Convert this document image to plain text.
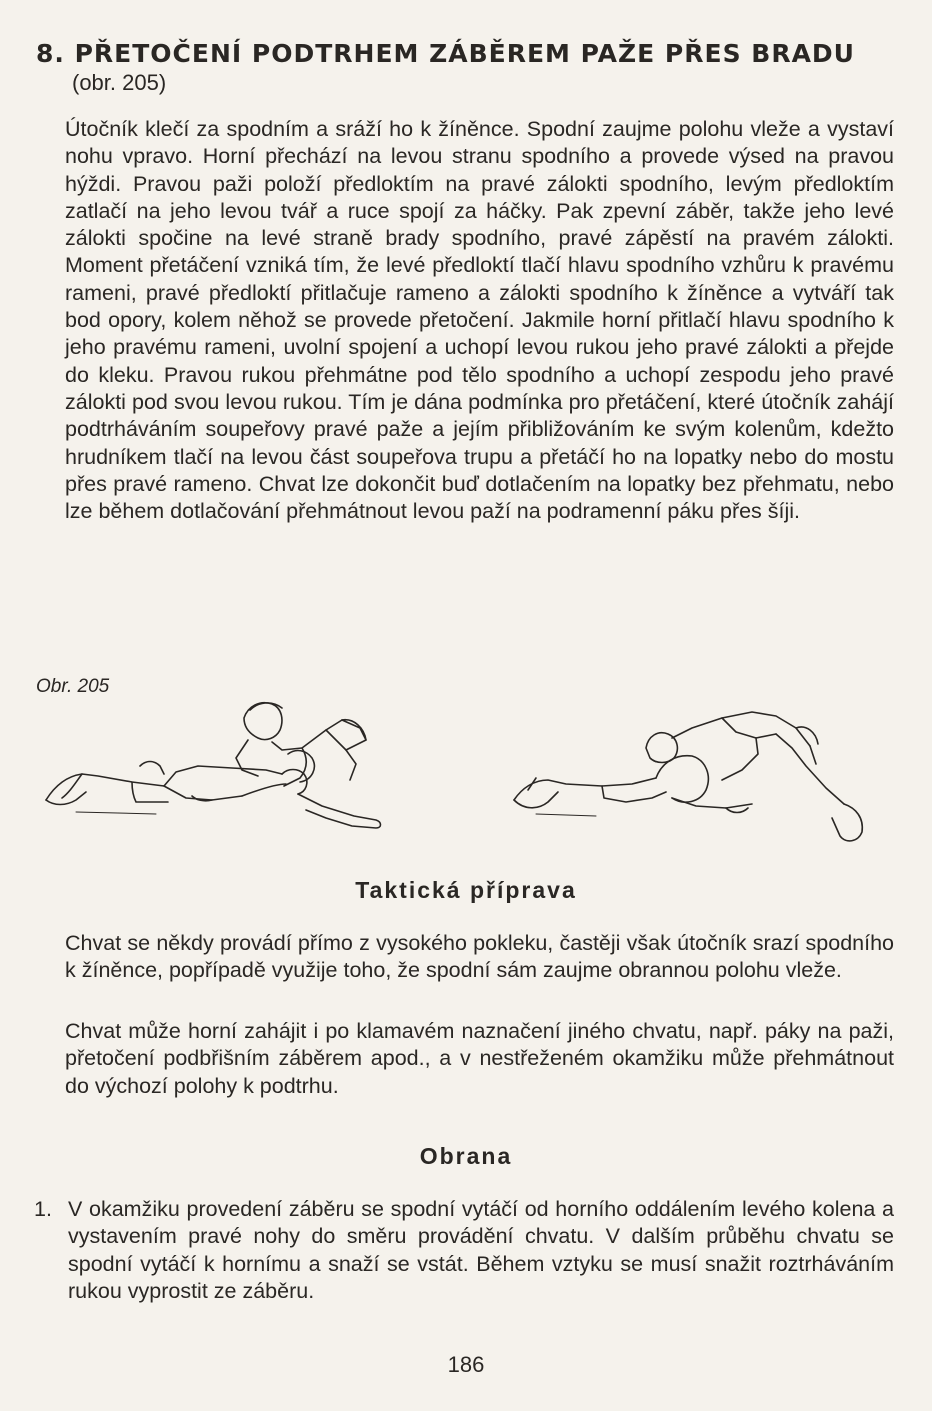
8. PŘETOČENÍ PODTRHEM ZÁBĚREM PAŽE PŘES BRADU
(obr. 205)
Útočník klečí za spodním a sráží ho k žíněnce. Spodní zaujme polohu vleže a vystaví nohu vpravo. Horní přechází na levou stranu spodního a provede výsed na pravou hýždi. Pravou paži položí předloktím na pravé zálokti spodního, levým předloktím zatlačí na jeho levou tvář a ruce spojí za háčky. Pak zpevní záběr, takže jeho levé zálokti spočine na levé straně brady spodního, pravé zápěstí na pravém zálokti. Moment přetáčení vzniká tím, že levé předloktí tlačí hlavu spodního vzhůru k pravému rameni, pravé předloktí přitlačuje rameno a zálokti spodního k žíněnce a vytváří tak bod opory, kolem něhož se provede přetočení. Jakmile horní přitlačí hlavu spodního k jeho pravému rameni, uvolní spojení a uchopí levou rukou jeho pravé zálokti a přejde do kleku. Pravou rukou přehmátne pod tělo spodního a uchopí zespodu jeho pravé zálokti pod svou levou rukou. Tím je dána podmínka pro přetáčení, které útočník zahájí podtrháváním soupeřovy pravé paže a jejím přibližováním ke svým kolenům, kdežto hrudníkem tlačí na levou část soupeřova trupu a přetáčí ho na lopatky nebo do mostu přes pravé rameno. Chvat lze dokončit buď dotlačením na lopatky bez přehmatu, nebo lze během dotlačování přehmátnout levou paží na podramenní páku přes šíji.
Obr. 205
Taktická příprava
Chvat se někdy provádí přímo z vysokého pokleku, častěji však útočník srazí spodního k žíněnce, popřípadě využije toho, že spodní sám zaujme obrannou polohu vleže.
Chvat může horní zahájit i po klamavém naznačení jiného chvatu, např. páky na paži, přetočení podbřišním záběrem apod., a v nestřeženém okamžiku může přehmátnout do výchozí polohy k podtrhu.
Obrana
1. V okamžiku provedení záběru se spodní vytáčí od horního oddálením levého kolena a vystavením pravé nohy do směru provádění chvatu. V dalším průběhu chvatu se spodní vytáčí k hornímu a snaží se vstát. Během vztyku se musí snažit roztrháváním rukou vyprostit ze záběru.
186
